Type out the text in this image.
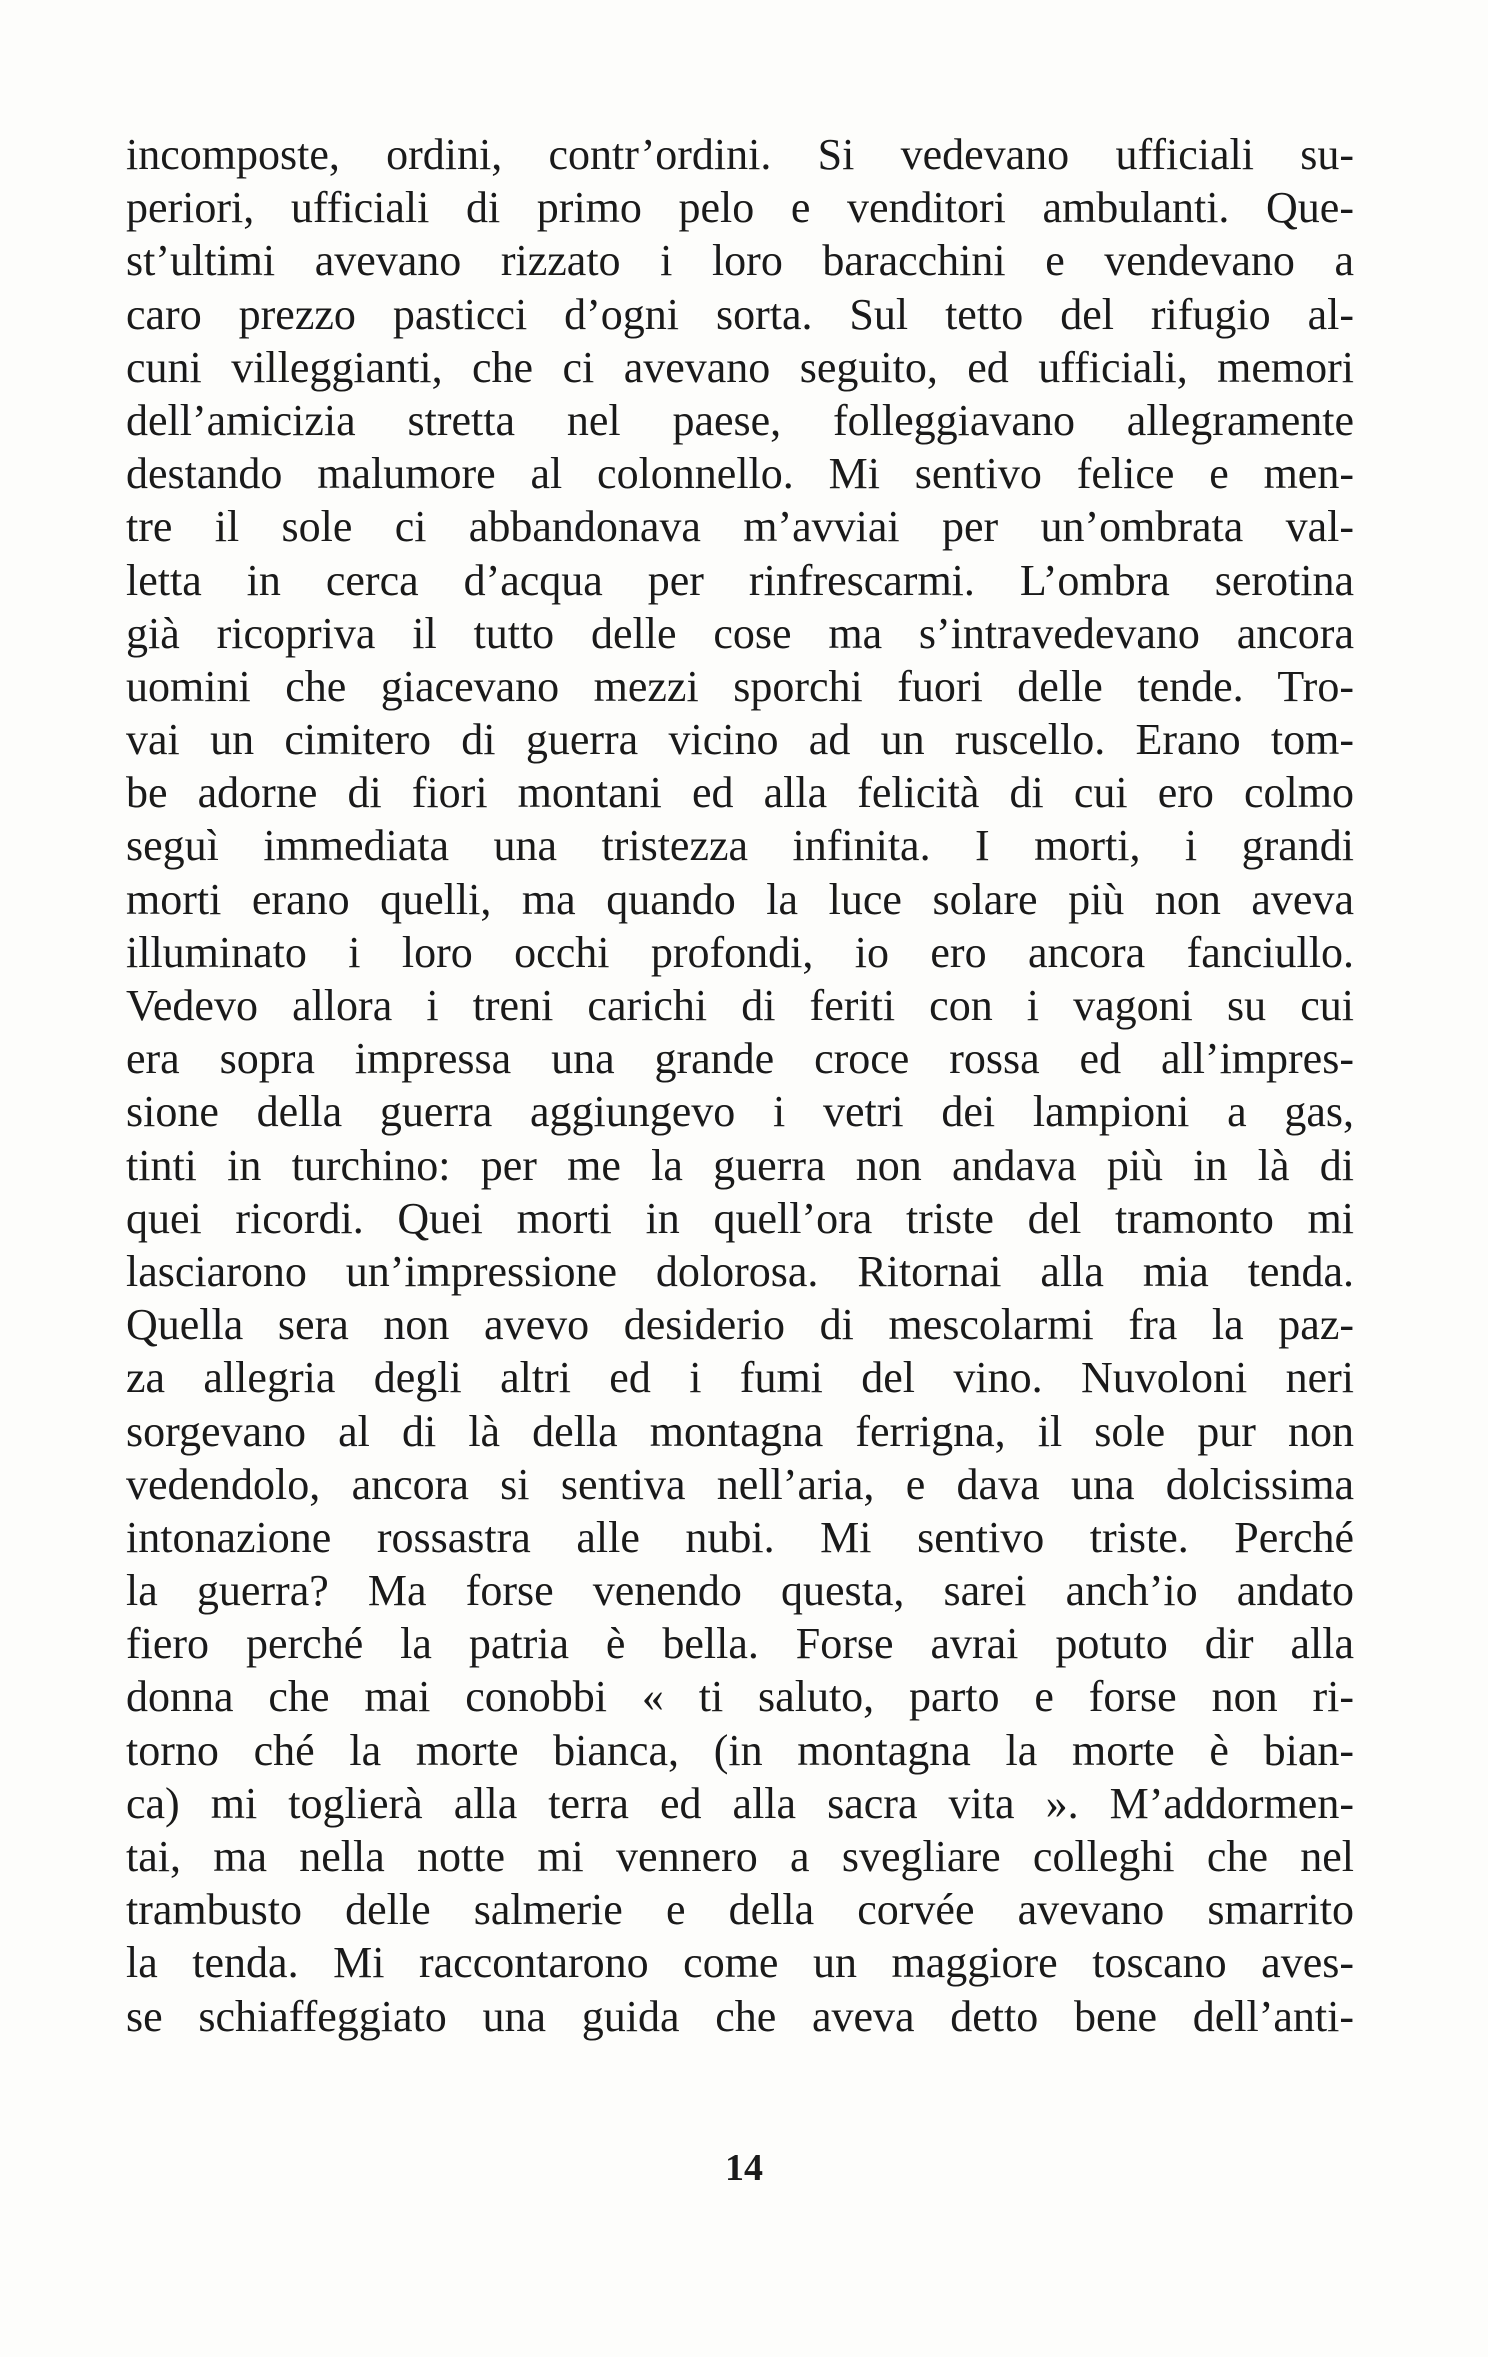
incomposte, ordini, contr’ordini. Si vedevano ufficiali su-
periori, ufficiali di primo pelo e venditori ambulanti. Que-
st’ultimi avevano rizzato i loro baracchini e vendevano a
caro prezzo pasticci d’ogni sorta. Sul tetto del rifugio al-
cuni villeggianti, che ci avevano seguito, ed ufficiali, memori
dell’amicizia stretta nel paese, folleggiavano allegramente
destando malumore al colonnello. Mi sentivo felice e men-
tre il sole ci abbandonava m’avviai per un’ombrata val-
letta in cerca d’acqua per rinfrescarmi. L’ombra serotina
già ricopriva il tutto delle cose ma s’intravedevano ancora
uomini che giacevano mezzi sporchi fuori delle tende. Tro-
vai un cimitero di guerra vicino ad un ruscello. Erano tom-
be adorne di fiori montani ed alla felicità di cui ero colmo
seguì immediata una tristezza infinita. I morti, i grandi
morti erano quelli, ma quando la luce solare più non aveva
illuminato i loro occhi profondi, io ero ancora fanciullo.
Vedevo allora i treni carichi di feriti con i vagoni su cui
era sopra impressa una grande croce rossa ed all’impres-
sione della guerra aggiungevo i vetri dei lampioni a gas,
tinti in turchino: per me la guerra non andava più in là di
quei ricordi. Quei morti in quell’ora triste del tramonto mi
lasciarono un’impressione dolorosa. Ritornai alla mia tenda.
Quella sera non avevo desiderio di mescolarmi fra la paz-
za allegria degli altri ed i fumi del vino. Nuvoloni neri
sorgevano al di là della montagna ferrigna, il sole pur non
vedendolo, ancora si sentiva nell’aria, e dava una dolcissima
intonazione rossastra alle nubi. Mi sentivo triste. Perché
la guerra? Ma forse venendo questa, sarei anch’io andato
fiero perché la patria è bella. Forse avrai potuto dir alla
donna che mai conobbi « ti saluto, parto e forse non ri-
torno ché la morte bianca, (in montagna la morte è bian-
ca) mi toglierà alla terra ed alla sacra vita ». M’addormen-
tai, ma nella notte mi vennero a svegliare colleghi che nel
trambusto delle salmerie e della corvée avevano smarrito
la tenda. Mi raccontarono come un maggiore toscano aves-
se schiaffeggiato una guida che aveva detto bene dell’anti-
14
